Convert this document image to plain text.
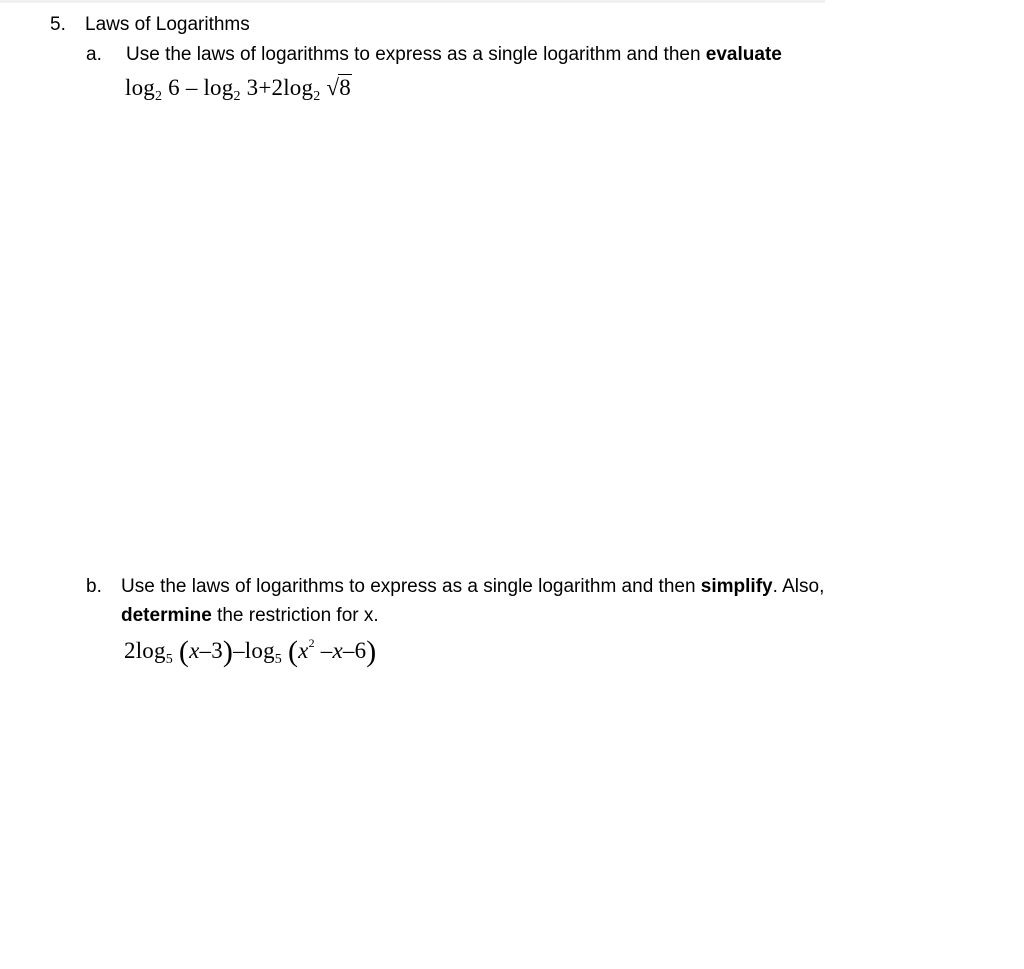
5. Laws of Logarithms
a. Use the laws of logarithms to express as a single logarithm and then evaluate
$\log_2 6 - \log_2 3+2\log_2$ √8
b. Use the laws of logarithms to express as a single logarithm and then simplify. Also,
determine the restriction for x.
$2\log_5$ $(x-3)-\log_5$ ($x^2$ –x–6)
